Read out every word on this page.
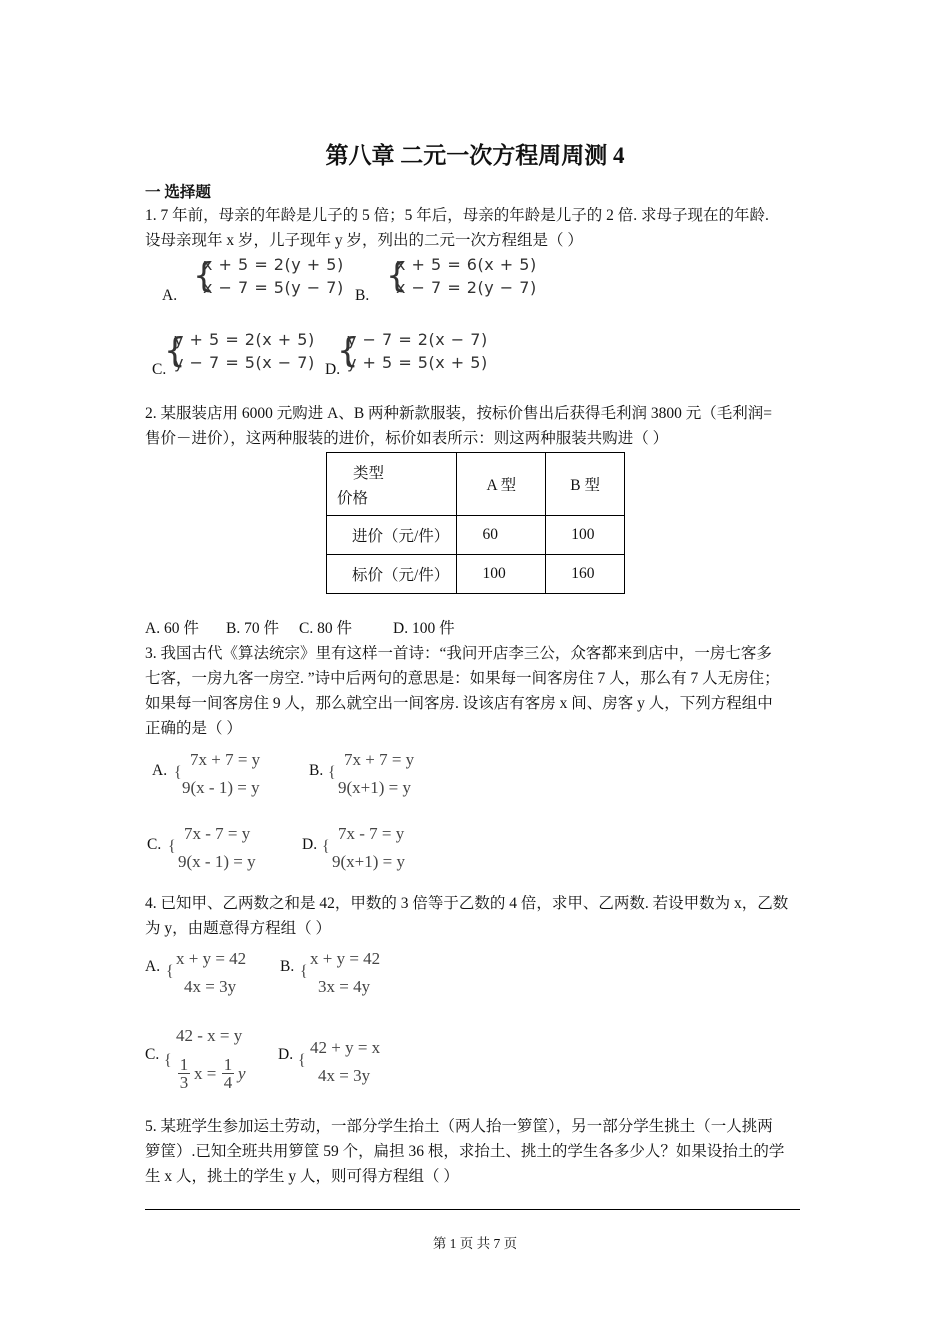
第八章 二元一次方程周周测 4
一 选择题
1. 7 年前，母亲的年龄是儿子的 5 倍；5 年后，母亲的年龄是儿子的 2 倍. 求母子现在的年龄.
设母亲现年 x 岁，儿子现年 y 岁，列出的二元一次方程组是（ ）
A. {
x + 5 = 2(y + 5)
x − 7 = 5(y − 7) B. {
x + 5 = 6(x + 5)
x − 7 = 2(y − 7)
C.
{
y + 5 = 2(x + 5)
y − 7 = 5(x − 7) D.
{
y − 7 = 2(x − 7)
y + 5 = 5(x + 5)
2. 某服装店用 6000 元购进 A、B 两种新款服装，按标价售出后获得毛利润 3800 元（毛利润=
售价－进价），这两种服装的进价，标价如表所示：则这两种服装共购进（ ）
类型
价格	A 型	B 型
进价（元/件）	60	100
标价（元/件）	100	160
A. 60 件 B. 70 件 C. 80 件	D. 100 件
3. 我国古代《算法统宗》里有这样一首诗：“我问开店李三公，众客都来到店中，一房七客多
七客，一房九客一房空. ”诗中后两句的意思是：如果每一间客房住 7 人，那么有 7 人无房住；
如果每一间客房住 9 人，那么就空出一间客房. 设该店有客房 x 间、房客 y 人，下列方程组中
正确的是（ ）
A. {
7x + 7 = y
9(x - 1) = y
B. {
7x + 7 = y
9(x+1) = y
C. {
7x - 7 = y
9(x - 1) = y
D. {
7x - 7 = y
9(x+1) = y
4. 已知甲、乙两数之和是 42，甲数的 3 倍等于乙数的 4 倍，求甲、乙两数. 若设甲数为 x，乙数
为 y，由题意得方程组（ ）
A. {
x + y = 42
4x = 3y
B. {
x + y = 42
3x = 4y
C. {
42 - x = y
$\frac{1}{3}$ $x = \frac{1}{4}$ y
D. {
42 + y = x
4x = 3y
5. 某班学生参加运土劳动，一部分学生抬土（两人抬一箩筐），另一部分学生挑土（一人挑两
箩筐）.已知全班共用箩筐 59 个，扁担 36 根，求抬土、挑土的学生各多少人？如果设抬土的学
生 x 人，挑土的学生 y 人，则可得方程组（ ）
第 1 页 共 7 页
